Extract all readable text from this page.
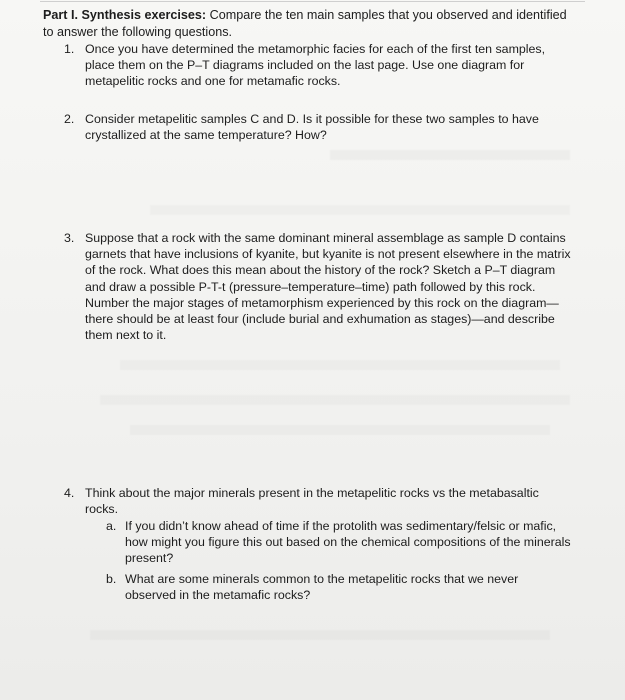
Part I. Synthesis exercises: Compare the ten main samples that you observed and identified to answer the following questions.
1. Once you have determined the metamorphic facies for each of the first ten samples, place them on the P–T diagrams included on the last page. Use one diagram for metapelitic rocks and one for metamafic rocks.
2. Consider metapelitic samples C and D. Is it possible for these two samples to have crystallized at the same temperature? How?
3. Suppose that a rock with the same dominant mineral assemblage as sample D contains garnets that have inclusions of kyanite, but kyanite is not present elsewhere in the matrix of the rock. What does this mean about the history of the rock? Sketch a P–T diagram and draw a possible P-T-t (pressure–temperature–time) path followed by this rock. Number the major stages of metamorphism experienced by this rock on the diagram—there should be at least four (include burial and exhumation as stages)—and describe them next to it.
4. Think about the major minerals present in the metapelitic rocks vs the metabasaltic rocks.
a. If you didn’t know ahead of time if the protolith was sedimentary/felsic or mafic, how might you figure this out based on the chemical compositions of the minerals present?
b. What are some minerals common to the metapelitic rocks that we never observed in the metamafic rocks?
